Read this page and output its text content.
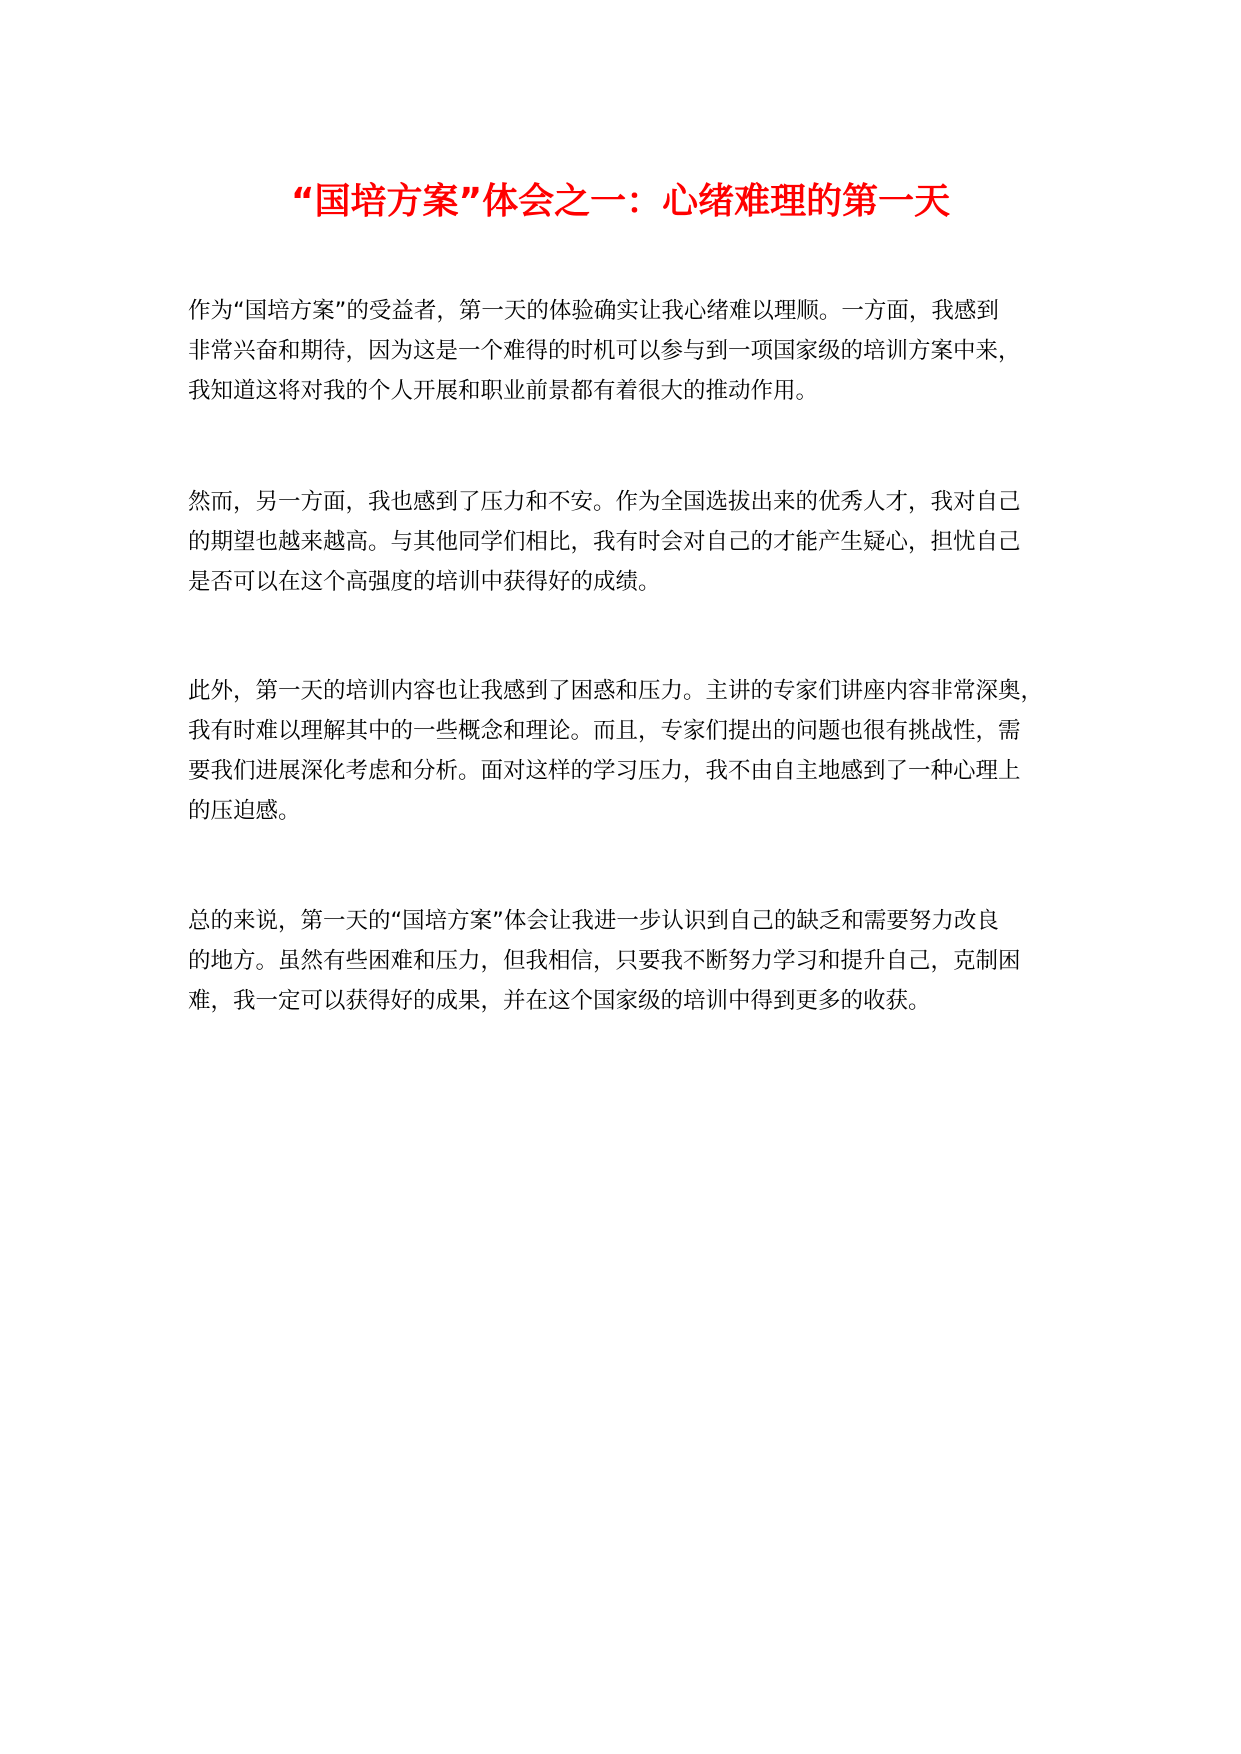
“国培方案”体会之一：心绪难理的第一天
作为“国培方案”的受益者，第一天的体验确实让我心绪难以理顺。一方面，我感到
非常兴奋和期待，因为这是一个难得的时机可以参与到一项国家级的培训方案中来，
我知道这将对我的个人开展和职业前景都有着很大的推动作用。
然而，另一方面，我也感到了压力和不安。作为全国选拔出来的优秀人才，我对自己
的期望也越来越高。与其他同学们相比，我有时会对自己的才能产生疑心，担忧自己
是否可以在这个高强度的培训中获得好的成绩。
此外，第一天的培训内容也让我感到了困惑和压力。主讲的专家们讲座内容非常深奥，
我有时难以理解其中的一些概念和理论。而且，专家们提出的问题也很有挑战性，需
要我们进展深化考虑和分析。面对这样的学习压力，我不由自主地感到了一种心理上
的压迫感。
总的来说，第一天的“国培方案”体会让我进一步认识到自己的缺乏和需要努力改良
的地方。虽然有些困难和压力，但我相信，只要我不断努力学习和提升自己，克制困
难，我一定可以获得好的成果，并在这个国家级的培训中得到更多的收获。
